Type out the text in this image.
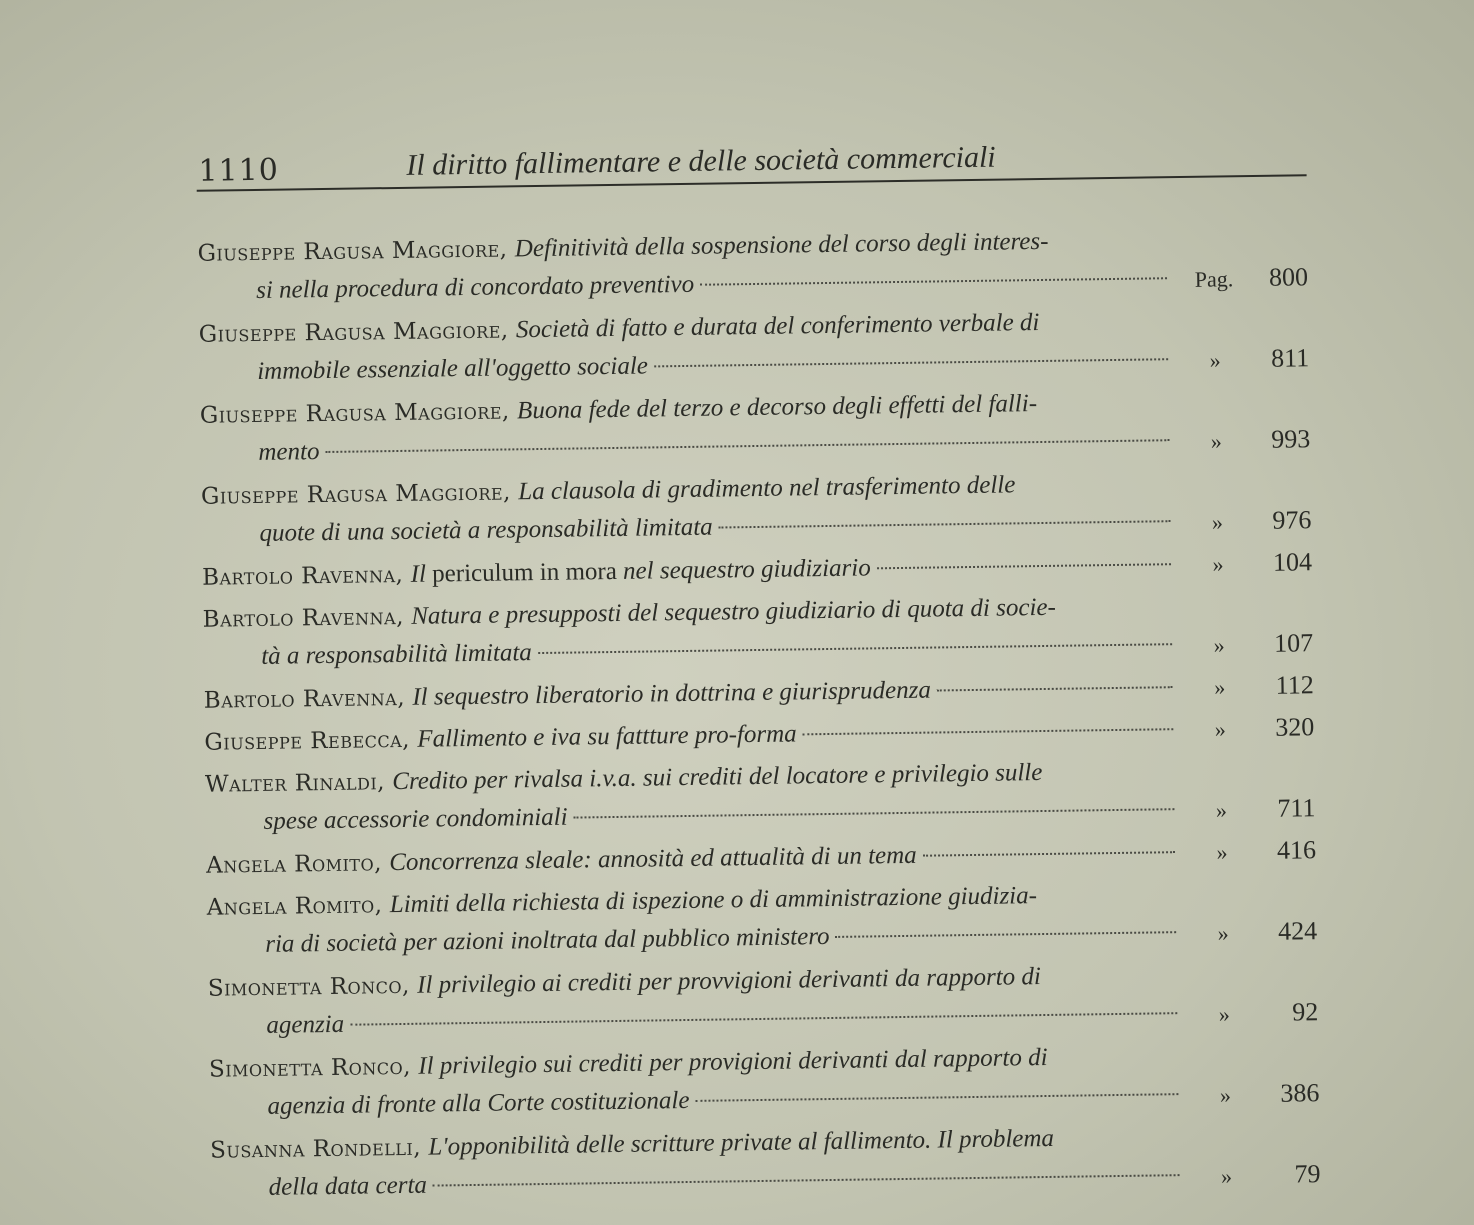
1110	Il diritto fallimentare e delle società commerciali
Giuseppe Ragusa Maggiore, Definitività della sospensione del corso degli interes-
si nella procedura di concordato preventivo	Pag. 800
Giuseppe Ragusa Maggiore, Società di fatto e durata del conferimento verbale di
immobile essenziale all'oggetto sociale	» 811
Giuseppe Ragusa Maggiore, Buona fede del terzo e decorso degli effetti del falli-
mento	» 993
Giuseppe Ragusa Maggiore, La clausola di gradimento nel trasferimento delle
quote di una società a responsabilità limitata	» 976
Bartolo Ravenna,
Il periculum in mora nel sequestro giudiziario	» 104
Bartolo Ravenna, Natura e presupposti del sequestro giudiziario di quota di socie-
tà a responsabilità limitata	» 107
Bartolo Ravenna,
Il sequestro liberatorio in dottrina e giurisprudenza	» 112
Giuseppe Rebecca,
Fallimento e iva su fattture pro-forma	» 320
Walter Rinaldi, Credito per rivalsa i.v.a. sui crediti del locatore e privilegio sulle
spese accessorie condominiali	» 711
Angela Romito,
Concorrenza sleale: annosità ed attualità di un tema	» 416
Angela Romito, Limiti della richiesta di ispezione o di amministrazione giudizia-
ria di società per azioni inoltrata dal pubblico ministero	» 424
Simonetta Ronco, Il privilegio ai crediti per provvigioni derivanti da rapporto di
agenzia	» 92
Simonetta Ronco, Il privilegio sui crediti per provigioni derivanti dal rapporto di
agenzia di fronte alla Corte costituzionale	» 386
Susanna Rondelli, L'opponibilità delle scritture private al fallimento. Il problema
della data certa	» 79
